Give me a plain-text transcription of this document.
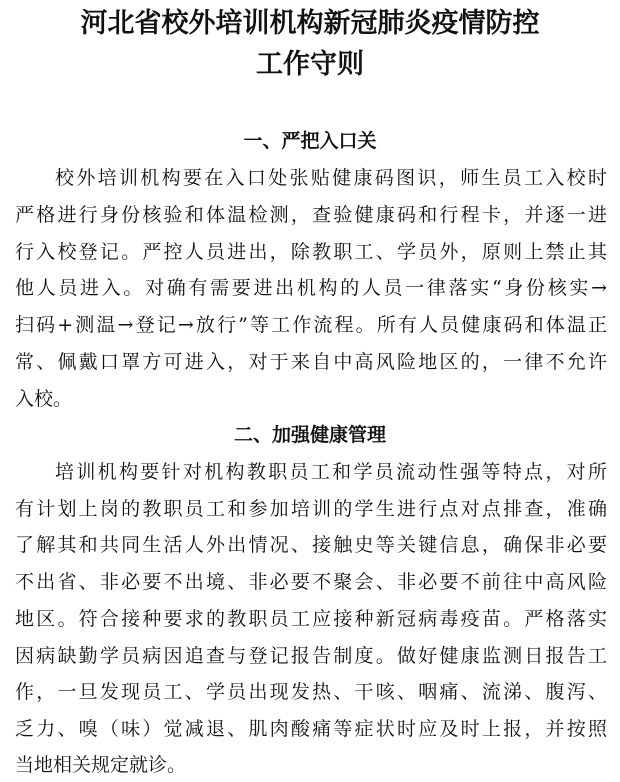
河北省校外培训机构新冠肺炎疫情防控
工作守则
一、严把入口关

校外培训机构要在入口处张贴健康码图识，师生员工入校时

严格进行身份核验和体温检测，查验健康码和行程卡，并逐一进

行入校登记。严控人员进出，除教职工、学员外，原则上禁止其

他人员进入。对确有需要进出机构的人员一律落实“身份核实→

扫码+测温→登记→放行”等工作流程。所有人员健康码和体温正

常、佩戴口罩方可进入，对于来自中高风险地区的，一律不允许

入校。

二、加强健康管理

培训机构要针对机构教职员工和学员流动性强等特点，对所

有计划上岗的教职员工和参加培训的学生进行点对点排查，准确

了解其和共同生活人外出情况、接触史等关键信息，确保非必要

不出省、非必要不出境、非必要不聚会、非必要不前往中高风险

地区。符合接种要求的教职员工应接种新冠病毒疫苗。严格落实

因病缺勤学员病因追查与登记报告制度。做好健康监测日报告工

作，一旦发现员工、学员出现发热、干咳、咽痛、流涕、腹泻、

乏力、嗅（味）觉减退、肌肉酸痛等症状时应及时上报，并按照

当地相关规定就诊。
